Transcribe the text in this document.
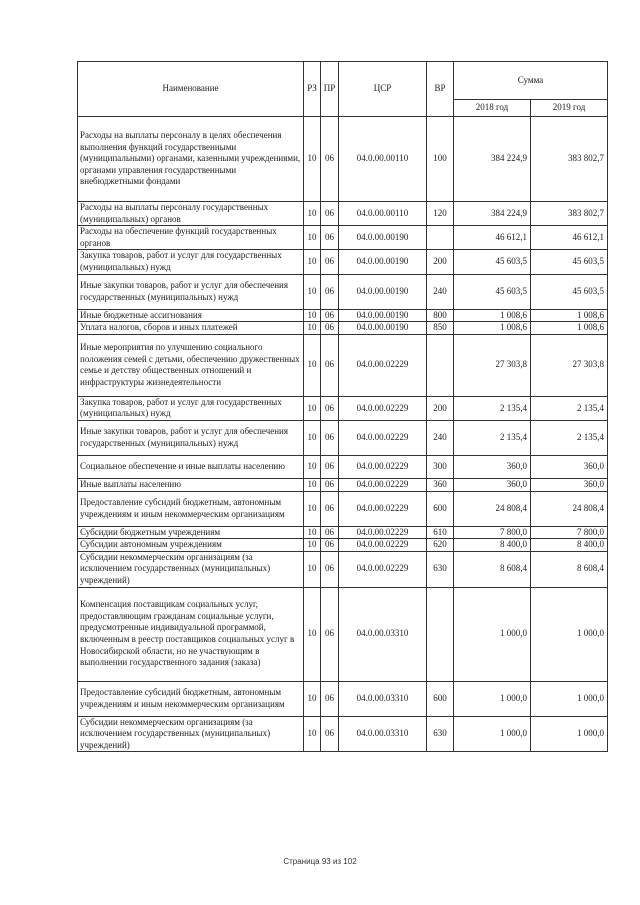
Наименование	РЗ	ПР	ЦСР	ВР	Сумма	
					2018 год	2019 год
Расходы на выплаты персоналу в целях обеспечения выполнения функций государственными (муниципальными) органами, казенными учреждениями, органами управления государственными внебюджетными фондами	10	06	04.0.00.00110	100	384 224,9	383 802,7
Расходы на выплаты персоналу государственных (муниципальных) органов	10	06	04.0.00.00110	120	384 224,9	383 802,7
Расходы на обеспечение функций государственных органов	10	06	04.0.00.00190		46 612,1	46 612,1
Закупка товаров, работ и услуг для государственных (муниципальных) нужд	10	06	04.0.00.00190	200	45 603,5	45 603,5
Иные закупки товаров, работ и услуг для обеспечения государственных (муниципальных) нужд	10	06	04.0.00.00190	240	45 603,5	45 603,5
Иные бюджетные ассигнования	10	06	04.0.00.00190	800	1 008,6	1 008,6
Уплата налогов, сборов и иных платежей	10	06	04.0.00.00190	850	1 008,6	1 008,6
Иные мероприятия по улучшению социального положения семей с детьми, обеспечению дружественных семье и детству общественных отношений и инфраструктуры жизнедеятельности	10	06	04.0.00.02229		27 303,8	27 303,8
Закупка товаров, работ и услуг для государственных (муниципальных) нужд	10	06	04.0.00.02229	200	2 135,4	2 135,4
Иные закупки товаров, работ и услуг для обеспечения государственных (муниципальных) нужд	10	06	04.0.00.02229	240	2 135,4	2 135,4
Социальное обеспечение и иные выплаты населению	10	06	04.0.00.02229	300	360,0	360,0
Иные выплаты населению	10	06	04.0.00.02229	360	360,0	360,0
Предоставление субсидий бюджетным, автономным учреждениям и иным некоммерческим организациям	10	06	04.0.00.02229	600	24 808,4	24 808,4
Субсидии бюджетным учреждениям	10	06	04.0.00.02229	610	7 800,0	7 800,0
Субсидии автономным учреждениям	10	06	04.0.00.02229	620	8 400,0	8 400,0
Субсидии некоммерческим организациям (за исключением государственных (муниципальных) учреждений)	10	06	04.0.00.02229	630	8 608,4	8 608,4
Компенсация поставщикам социальных услуг, предоставляющим гражданам социальные услуги, предусмотренные индивидуальной программой, включенным в реестр поставщиков социальных услуг в Новосибирской области, но не участвующим в выполнении государственного задания (заказа)	10	06	04.0.00.03310		1 000,0	1 000,0
Предоставление субсидий бюджетным, автономным учреждениям и иным некоммерческим организациям	10	06	04.0.00.03310	600	1 000,0	1 000,0
Субсидии некоммерческим организациям (за исключением государственных (муниципальных) учреждений)	10	06	04.0.00.03310	630	1 000,0	1 000,0
Страница 93 из 102
